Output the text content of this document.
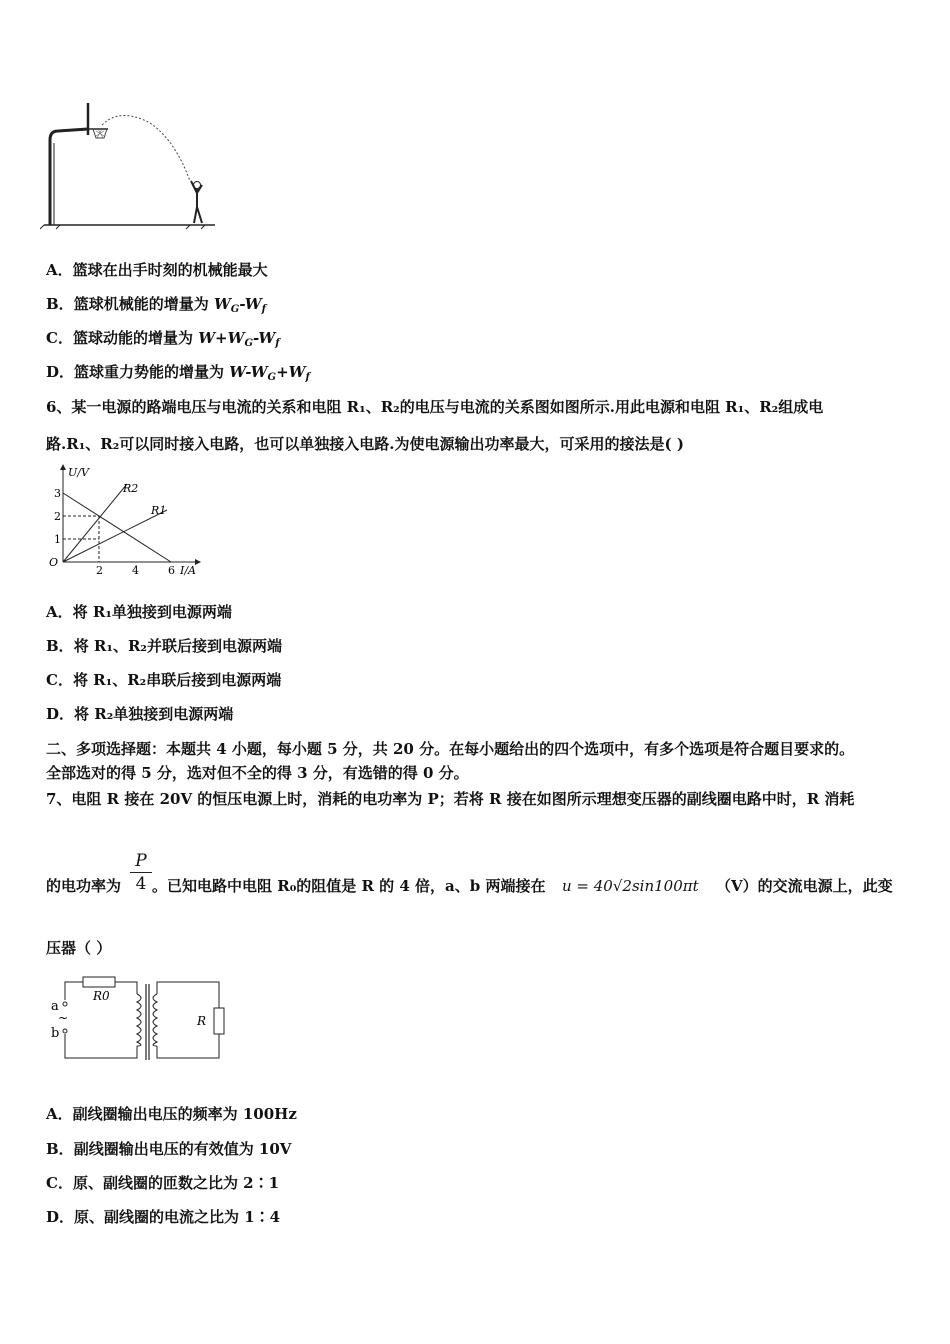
A．篮球在出手时刻的机械能最大
B．篮球机械能的增量为 $W_G-W_f$
C．篮球动能的增量为 $W+W_G-W_f$
D．篮球重力势能的增量为 $W-W_G+W_f$
6、某一电源的路端电压与电流的关系和电阻 R₁、R₂的电压与电流的关系图如图所示.用此电源和电阻 R₁、R₂组成电
路.R₁、R₂可以同时接入电路，也可以单独接入电路.为使电源输出功率最大，可采用的接法是( )
U/V
I/A
O
1
2
3
2	4	6
R2
R1
A．将 R₁单独接到电源两端
B．将 R₁、R₂并联后接到电源两端
C．将 R₁、R₂串联后接到电源两端
D．将 R₂单独接到电源两端
二、多项选择题：本题共 4 小题，每小题 5 分，共 20 分。在每小题给出的四个选项中，有多个选项是符合题目要求的。
全部选对的得 5 分，选对但不全的得 3 分，有选错的得 0 分。
7、电阻 R 接在 20V 的恒压电源上时，消耗的电功率为 P；若将 R 接在如图所示理想变压器的副线圈电路中时，R 消耗
的电功率为 $\frac{P}{4}$ 。已知电路中电阻 R₀的阻值是 R 的 4 倍，a、b 两端接在 u = 40√2sin100πt （V）的交流电源上，此变
压器（ ）
a
b
~
R0
R
A．副线圈输出电压的频率为 100Hz
B．副线圈输出电压的有效值为 10V
C．原、副线圈的匝数之比为 2∶1
D．原、副线圈的电流之比为 1∶4
